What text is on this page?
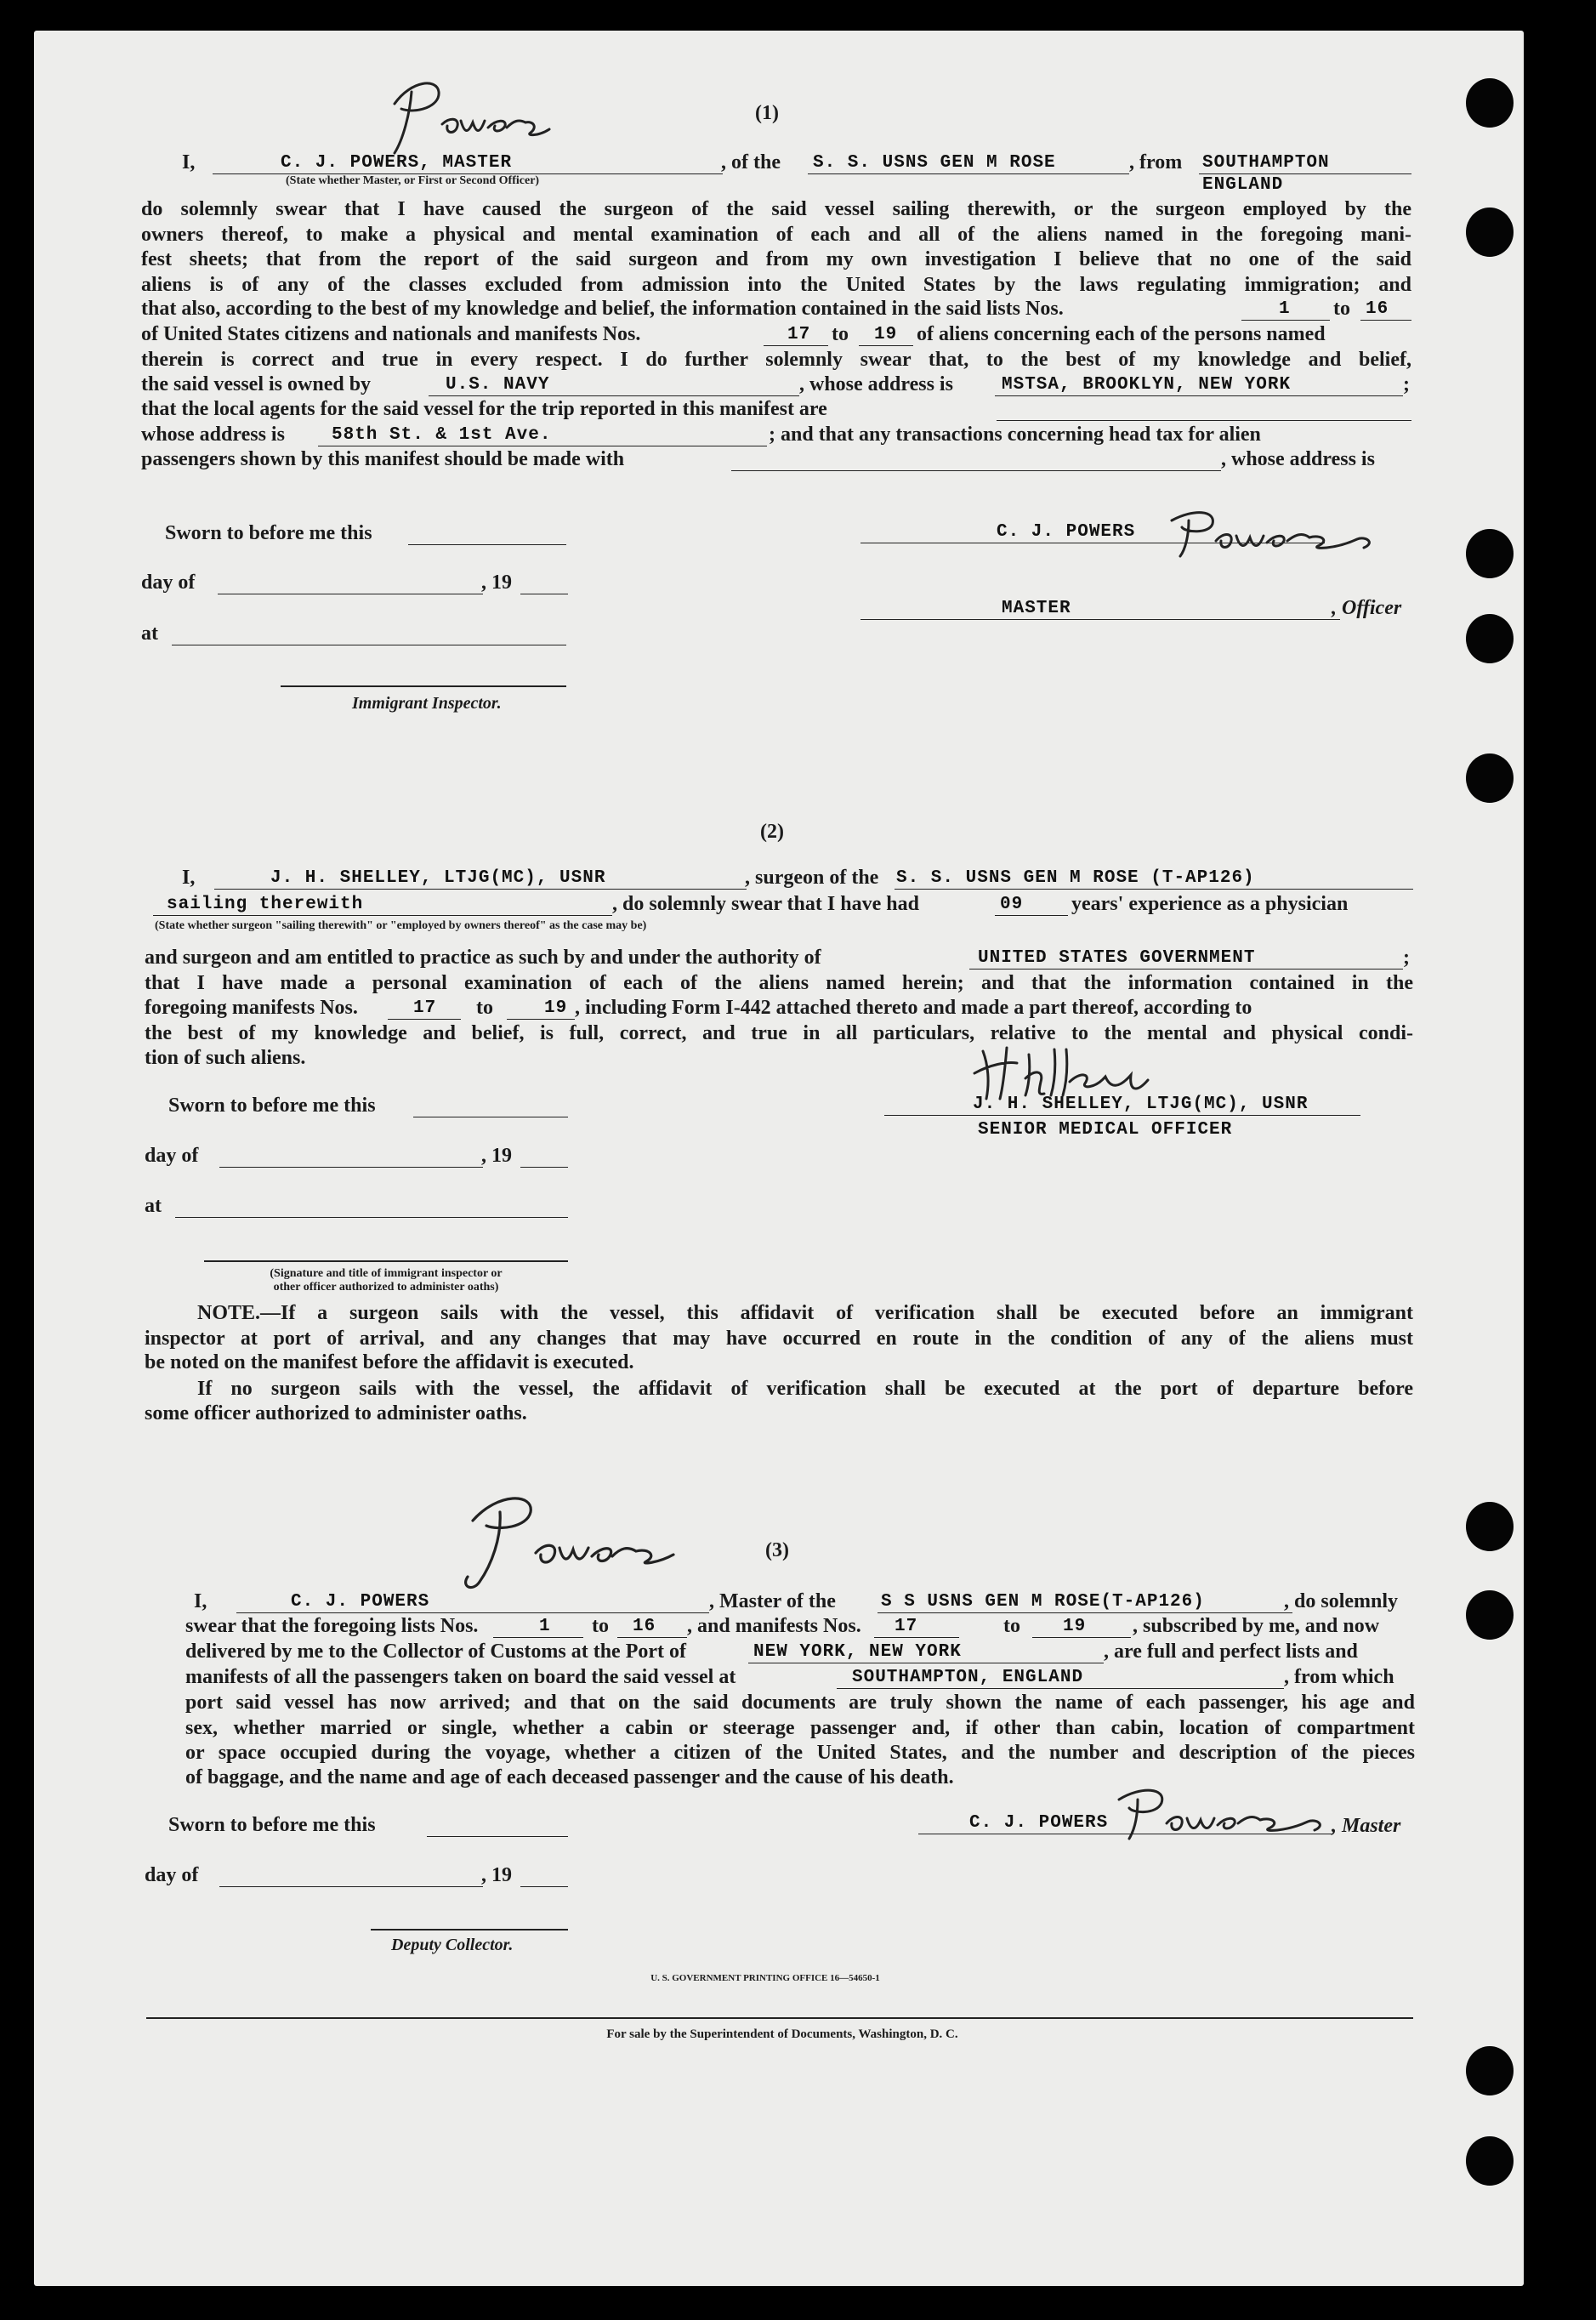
(1)
I,	C. J. POWERS, MASTER	, of the S. S. USNS GEN M ROSE	, from SOUTHAMPTON
ENGLAND
(State whether Master, or First or Second Officer)
do solemnly swear that I have caused the surgeon of the said vessel sailing therewith, or the surgeon employed by the
owners thereof, to make a physical and mental examination of each and all of the aliens named in the foregoing mani-
fest sheets; that from the report of the said surgeon and from my own investigation I believe that no one of the said
aliens is of any of the classes excluded from admission into the United States by the laws regulating immigration; and
that also, according to the best of my knowledge and belief, the information contained in the said lists Nos.	1 to 16
of United States citizens and nationals and manifests Nos.	17 to 19 of aliens concerning each of the persons named
therein is correct and true in every respect. I do further solemnly swear that, to the best of my knowledge and belief,
the said vessel is owned by	U.S. NAVY	, whose address is	MSTSA, BROOKLYN, NEW YORK	;
that the local agents for the said vessel for the trip reported in this manifest are
whose address is	58th St. & 1st Ave.	; and that any transactions concerning head tax for alien
passengers shown by this manifest should be made with	, whose address is
Sworn to before me this
day of	, 19
at
Immigrant Inspector.
C. J. POWERS
MASTER	, Officer
(2)
I,	J. H. SHELLEY, LTJG(MC), USNR	, surgeon of the S. S. USNS GEN M ROSE (T-AP126)
sailing therewith	, do solemnly swear that I have had	09 years' experience as a physician
(State whether surgeon "sailing therewith" or "employed by owners thereof" as the case may be)
and surgeon and am entitled to practice as such by and under the authority of	UNITED STATES GOVERNMENT	;
that I have made a personal examination of each of the aliens named herein; and that the information contained in the
foregoing manifests Nos.	17 to	19 , including Form I-442 attached thereto and made a part thereof, according to
the best of my knowledge and belief, is full, correct, and true in all particulars, relative to the mental and physical condi-
tion of such aliens.
Sworn to before me this
day of	, 19
at
(Signature and title of immigrant inspector or
other officer authorized to administer oaths)
J. H. SHELLEY, LTJG(MC), USNR
SENIOR MEDICAL OFFICER
NOTE.—If a surgeon sails with the vessel, this affidavit of verification shall be executed before an immigrant
inspector at port of arrival, and any changes that may have occurred en route in the condition of any of the aliens must
be noted on the manifest before the affidavit is executed.
If no surgeon sails with the vessel, the affidavit of verification shall be executed at the port of departure before
some officer authorized to administer oaths.
(3)
I,	C. J. POWERS	, Master of the	S S USNS GEN M ROSE(T-AP126)	, do solemnly
swear that the foregoing lists Nos.	1 to 16 , and manifests Nos. 17	to 19 , subscribed by me, and now
delivered by me to the Collector of Customs at the Port of	NEW YORK, NEW YORK	, are full and perfect lists and
manifests of all the passengers taken on board the said vessel at	SOUTHAMPTON, ENGLAND	, from which
port said vessel has now arrived; and that on the said documents are truly shown the name of each passenger, his age and
sex, whether married or single, whether a cabin or steerage passenger and, if other than cabin, location of compartment
or space occupied during the voyage, whether a citizen of the United States, and the number and description of the pieces
of baggage, and the name and age of each deceased passenger and the cause of his death.
Sworn to before me this
day of	, 19
Deputy Collector.
C. J. POWERS	, Master
U. S. GOVERNMENT PRINTING OFFICE 16—54650-1
For sale by the Superintendent of Documents, Washington, D. C.
